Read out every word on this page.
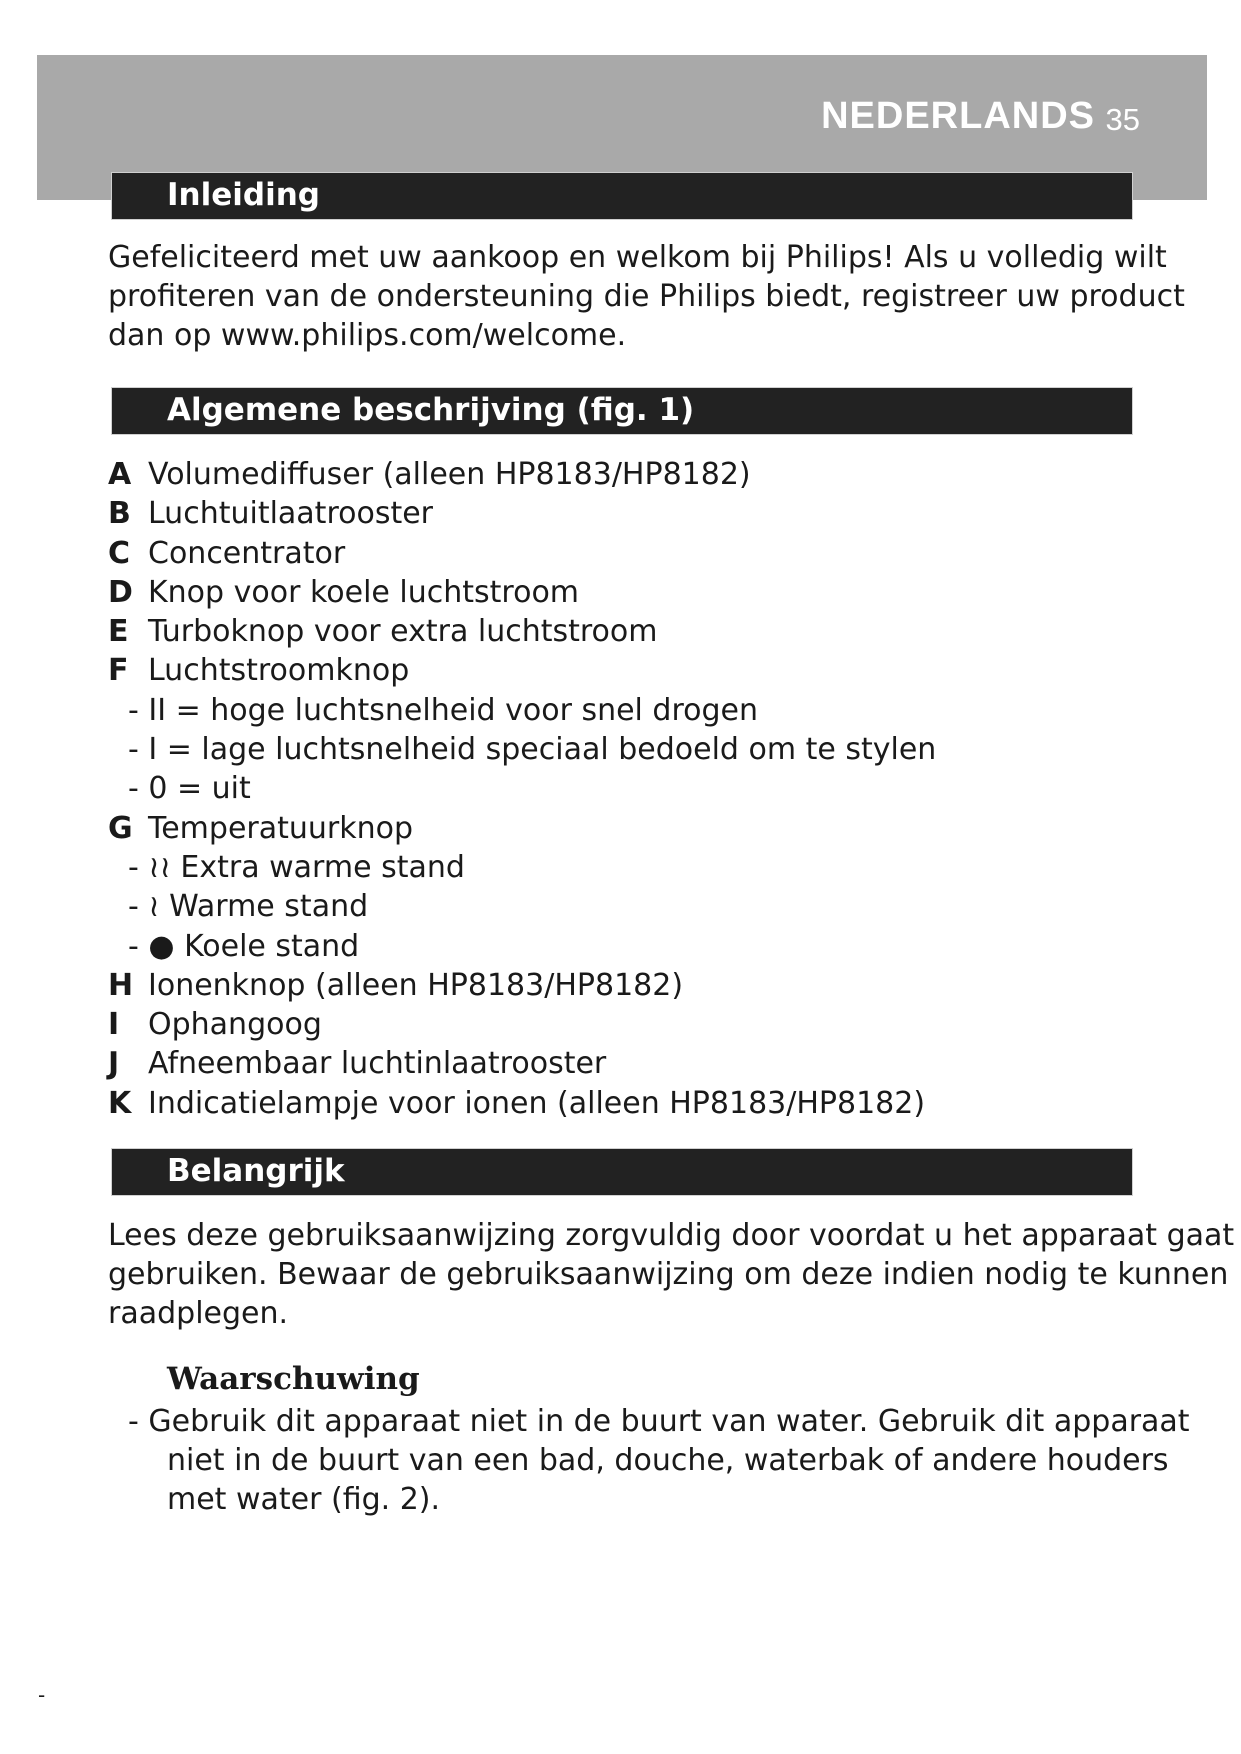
NEDERLANDS 35
Inleiding
Gefeliciteerd met uw aankoop en welkom bij Philips! Als u volledig wilt
profiteren van de ondersteuning die Philips biedt, registreer uw product
dan op www.philips.com/welcome.
Algemene beschrijving (fig. 1)
A Volumediffuser (alleen HP8183/HP8182)
B Luchtuitlaatrooster
C Concentrator
D Knop voor koele luchtstroom
E Turboknop voor extra luchtstroom
F Luchtstroomknop
- II = hoge luchtsnelheid voor snel drogen
- I = lage luchtsnelheid speciaal bedoeld om te stylen
- 0 = uit
G Temperatuurknop
- ≀≀ Extra warme stand
- ≀ Warme stand
- ● Koele stand
H Ionenknop (alleen HP8183/HP8182)
I Ophangoog
J Afneembaar luchtinlaatrooster
K Indicatielampje voor ionen (alleen HP8183/HP8182)
Belangrijk
Lees deze gebruiksaanwijzing zorgvuldig door voordat u het apparaat gaat
gebruiken. Bewaar de gebruiksaanwijzing om deze indien nodig te kunnen
raadplegen.
Waarschuwing
- Gebruik dit apparaat niet in de buurt van water. Gebruik dit apparaat
niet in de buurt van een bad, douche, waterbak of andere houders
met water (fig. 2).
-
